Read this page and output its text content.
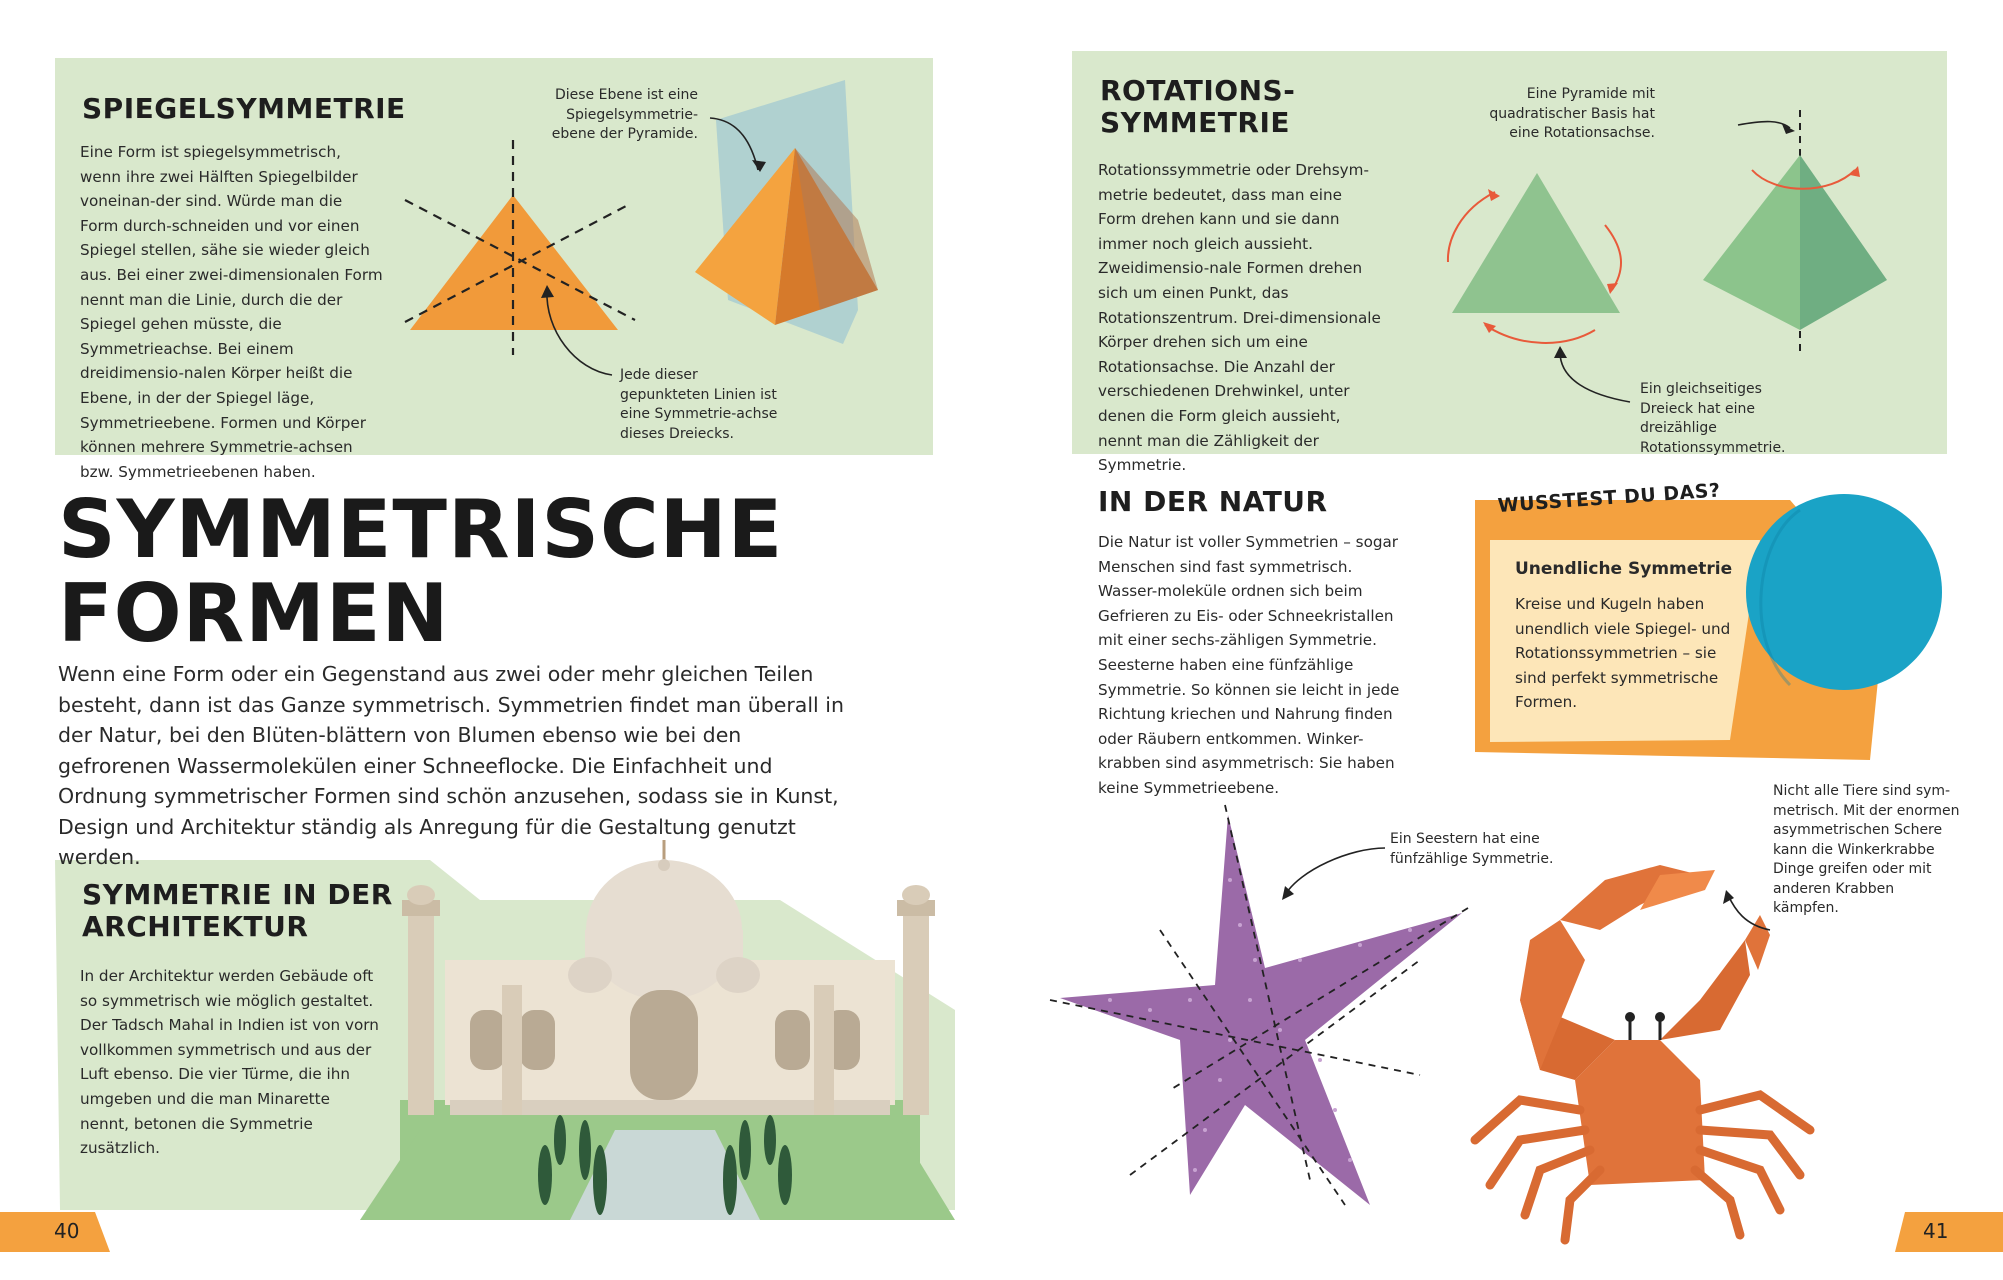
SPIEGELSYMMETRIE
Eine Form ist spiegelsymmetrisch, wenn ihre zwei Hälften Spiegelbilder voneinan-der sind. Würde man die Form durch-schneiden und vor einen Spiegel stellen, sähe sie wieder gleich aus. Bei einer zwei-dimensionalen Form nennt man die Linie, durch die der Spiegel gehen müsste, die Symmetrieachse. Bei einem dreidimensio-nalen Körper heißt die Ebene, in der der Spiegel läge, Symmetrieebene. Formen und Körper können mehrere Symmetrie-achsen bzw. Symmetrieebenen haben.
Diese Ebene ist eine Spiegelsymmetrie-ebene der Pyramide.
Jede dieser gepunkteten Linien ist eine Symmetrie-achse dieses Dreiecks.
ROTATIONS-
SYMMETRIE
Rotationssymmetrie oder Drehsym-metrie bedeutet, dass man eine Form drehen kann und sie dann immer noch gleich aussieht. Zweidimensio-nale Formen drehen sich um einen Punkt, das Rotationszentrum. Drei-dimensionale Körper drehen sich um eine Rotationsachse. Die Anzahl der verschiedenen Drehwinkel, unter denen die Form gleich aussieht, nennt man die Zähligkeit der Symmetrie.
Eine Pyramide mit quadratischer Basis hat eine Rotationsachse.
Ein gleichseitiges Dreieck hat eine dreizählige Rotationssymmetrie.
SYMMETRISCHE
FORMEN
Wenn eine Form oder ein Gegenstand aus zwei oder mehr gleichen Teilen besteht, dann ist das Ganze symmetrisch. Symmetrien findet man überall in der Natur, bei den Blüten-blättern von Blumen ebenso wie bei den gefrorenen Wassermolekülen einer Schneeflocke. Die Einfachheit und Ordnung symmetrischer Formen sind schön anzusehen, sodass sie in Kunst, Design und Architektur ständig als Anregung für die Gestaltung genutzt werden.
IN DER NATUR
Die Natur ist voller Symmetrien – sogar Menschen sind fast symmetrisch. Wasser-moleküle ordnen sich beim Gefrieren zu Eis- oder Schneekristallen mit einer sechs-zähligen Symmetrie. Seesterne haben eine fünfzählige Symmetrie. So können sie leicht in jede Richtung kriechen und Nahrung finden oder Räubern entkommen. Winker-krabben sind asymmetrisch: Sie haben keine Symmetrieebene.
Ein Seestern hat eine fünfzählige Symmetrie.
Nicht alle Tiere sind sym-metrisch. Mit der enormen asymmetrischen Schere kann die Winkerkrabbe Dinge greifen oder mit anderen Krabben kämpfen.
WUSSTEST DU DAS?
Unendliche Symmetrie
Kreise und Kugeln haben unendlich viele Spiegel- und Rotationssymmetrien – sie sind perfekt symmetrische Formen.
SYMMETRIE IN DER
ARCHITEKTUR
In der Architektur werden Gebäude oft so symmetrisch wie möglich gestaltet. Der Tadsch Mahal in Indien ist von vorn vollkommen symmetrisch und aus der Luft ebenso. Die vier Türme, die ihn umgeben und die man Minarette nennt, betonen die Symmetrie zusätzlich.
40	41
